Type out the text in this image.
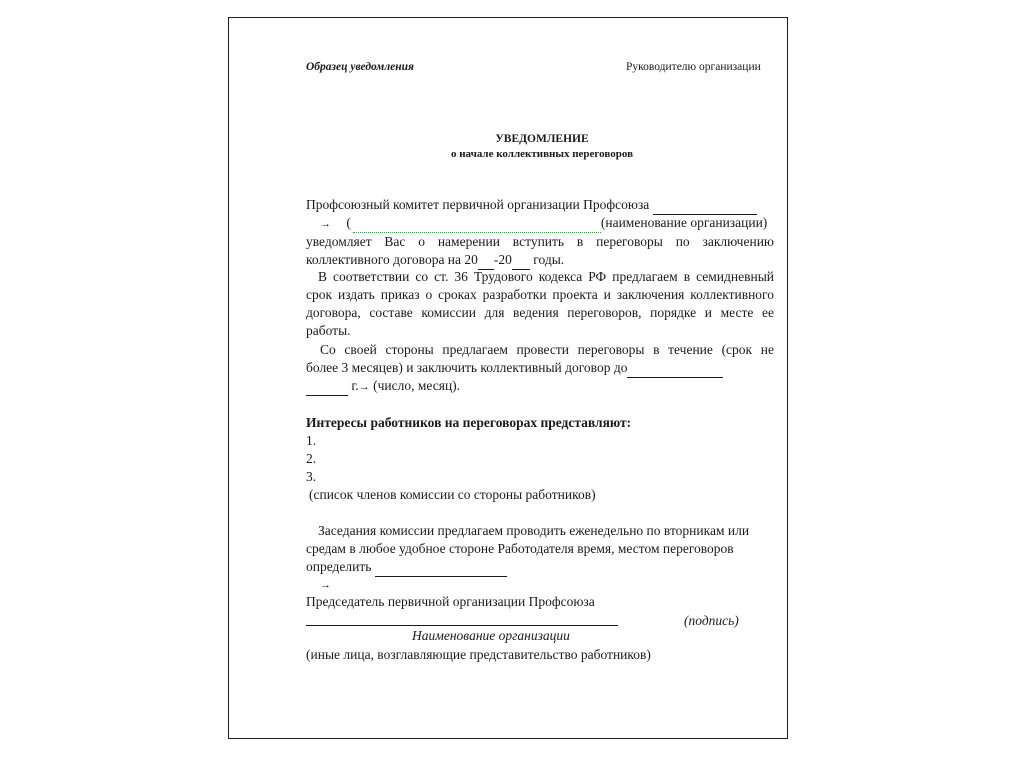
Образец уведомления	Руководителю организации
УВЕДОМЛЕНИЕ
о начале коллективных переговоров
Профсоюзный комитет первичной организации Профсоюза
→ (	(наименование организации)
уведомляет Вас о намерении вступить в переговоры по заключению
коллективного договора на 20 -20 годы.
В соответствии со ст. 36 Трудового кодекса РФ предлагаем в семидневный
срок издать приказ о сроках разработки проекта и заключения коллективного
договора, составе комиссии для ведения переговоров, порядке и месте ее
работы.
Со своей стороны предлагаем провести переговоры в течение (срок не
более 3 месяцев) и заключить коллективный договор до
г.→ (число, месяц).
Интересы работников на переговорах представляют:
1.
2.
3.
(список членов комиссии со стороны работников)
Заседания комиссии предлагаем проводить еженедельно по вторникам или
средам в любое удобное стороне Работодателя время, местом переговоров
определить
→
Председатель первичной организации Профсоюза
(подпись)
Наименование организации
(иные лица, возглавляющие представительство работников)
